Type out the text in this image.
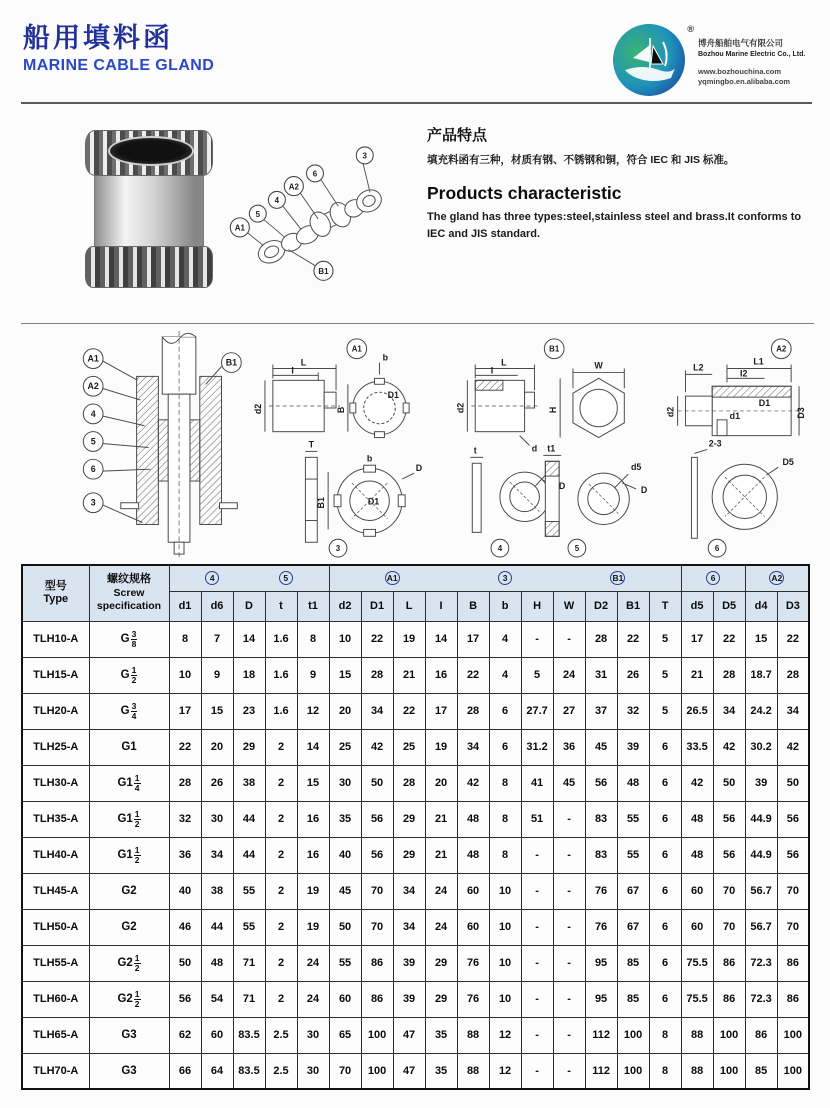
船用填料函
MARINE CABLE GLAND
®
博舟船舶电气有限公司
Bozhou Marine Electric Co., Ltd.
www.bozhouchina.com
yqmingbo.en.alibaba.com
A1
5
4
A2
6
3
B1
产品特点

填充料函有三种，材质有钢、不锈钢和铜，符合 IEC 和 JIS 标准。

Products characteristic

The gland has three types:steel,stainless steel and brass.It conforms to IEC and JIS standard.

A1
A2
4
5
6
3
B1
A1
L
I
d2
b
B
D1
3
T
b
D
B1	D1
B1
L
I
d2
d
W
H
4
t
D
5
t1
d5
D
A2
L2
L1
I2
d2	d1
D1
D3
6
2-3
D5
型号
Type

螺纹规格
Screw
specification

4	5	A1	3	B1	6	A2

		d1	d6	D	t	t1	d2	D1	L	I	B	b	H	W	D2	B1	T	d5	D5	d4	D3
TLH10-A	G $\frac{3}{8}$	8	7	14	1.6	8	10	22	19	14	17	4	-	-	28	22	5	17	22	15	22
TLH15-A	G $\frac{1}{2}$	10	9	18	1.6	9	15	28	21	16	22	4	5	24	31	26	5	21	28	18.7	28
TLH20-A	G $\frac{3}{4}$	17	15	23	1.6	12	20	34	22	17	28	6	27.7	27	37	32	5	26.5	34	24.2	34
TLH25-A	G1	22	20	29	2	14	25	42	25	19	34	6	31.2	36	45	39	6	33.5	42	30.2	42
TLH30-A	$G1 \frac{1}{4}$	28	26	38	2	15	30	50	28	20	42	8	41	45	56	48	6	42	50	39	50
TLH35-A	$G1 \frac{1}{2}$	32	30	44	2	16	35	56	29	21	48	8	51	-	83	55	6	48	56	44.9	56
TLH40-A	$G1 \frac{1}{2}$	36	34	44	2	16	40	56	29	21	48	8	-	-	83	55	6	48	56	44.9	56
TLH45-A	G2	40	38	55	2	19	45	70	34	24	60	10	-	-	76	67	6	60	70	56.7	70
TLH50-A	G2	46	44	55	2	19	50	70	34	24	60	10	-	-	76	67	6	60	70	56.7	70
TLH55-A	$G2 \frac{1}{2}$	50	48	71	2	24	55	86	39	29	76	10	-	-	95	85	6	75.5	86	72.3	86
TLH60-A	$G2 \frac{1}{2}$	56	54	71	2	24	60	86	39	29	76	10	-	-	95	85	6	75.5	86	72.3	86
TLH65-A	G3	62	60	83.5	2.5	30	65	100	47	35	88	12	-	-	112	100	8	88	100	86	100
TLH70-A	G3	66	64	83.5	2.5	30	70	100	47	35	88	12	-	-	112	100	8	88	100	85	100
